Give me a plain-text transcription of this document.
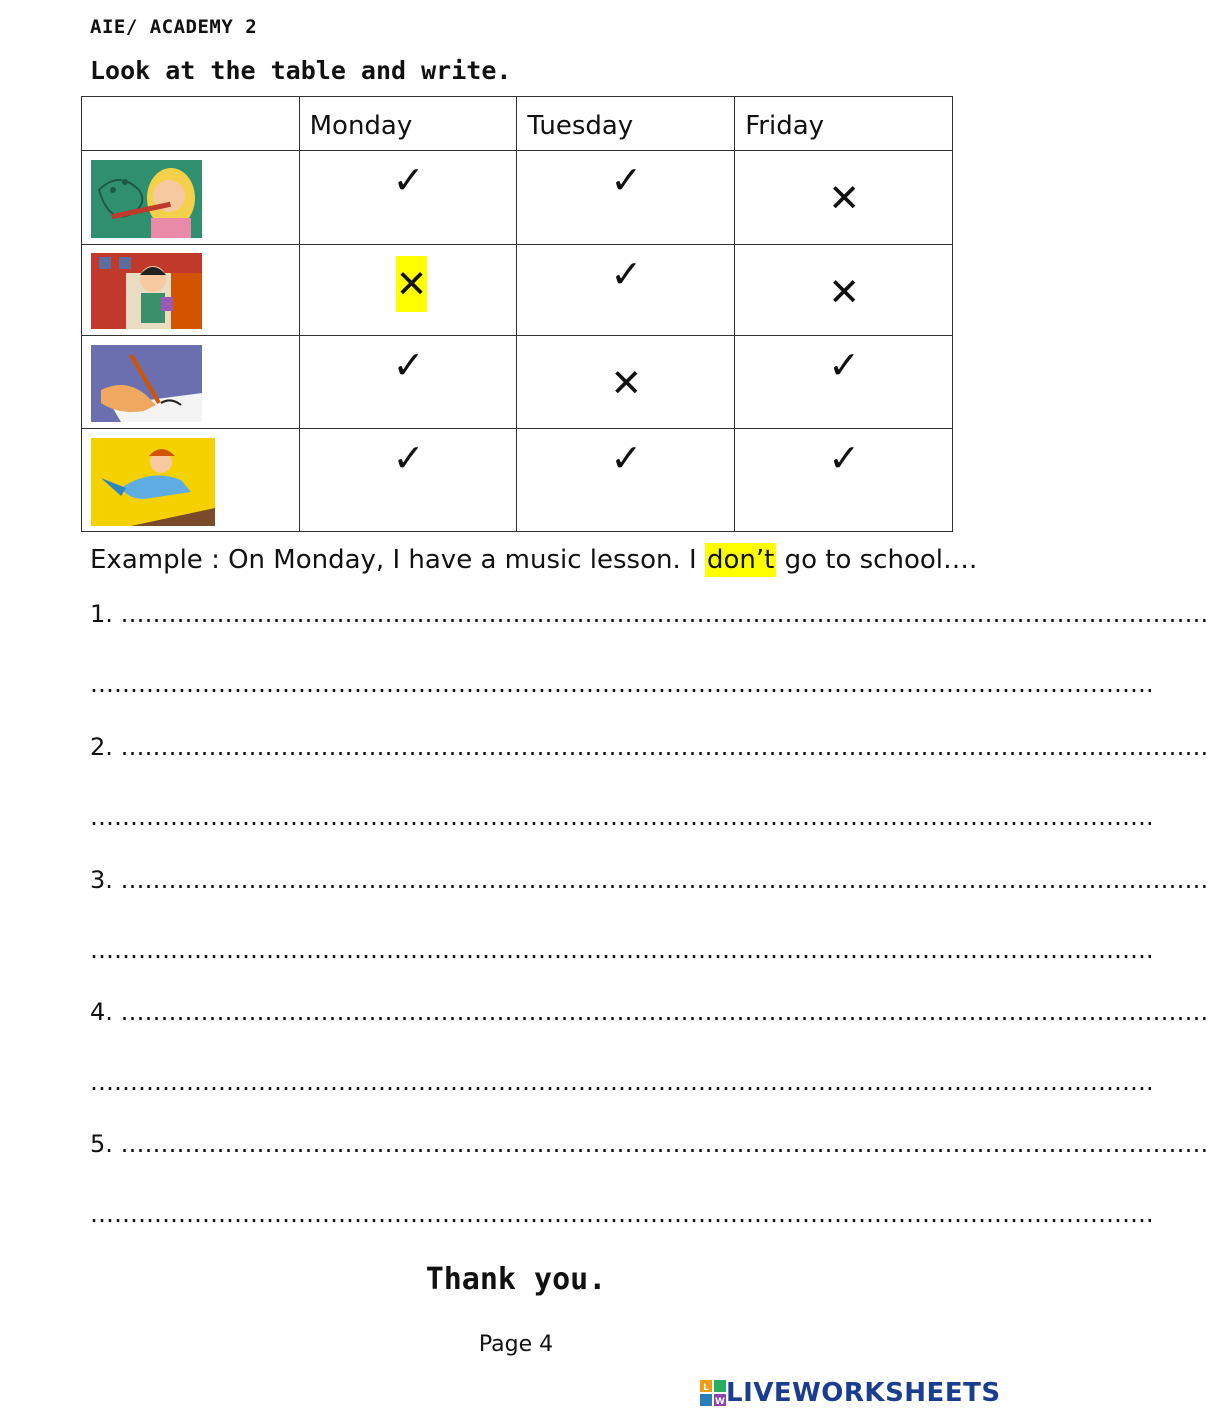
AIE/ ACADEMY 2
Look at the table and write.
	Monday	Tuesday	Friday

✓	✓	✕

✕	✓	✕

✓	✕	✓

✓	✓	✓
Example : On Monday, I have a music lesson. I don’t go to school….
1. ……………………………………………………………………………………………………………………….
…………………………………………………………………………………………………………………….
2. ……………………………………………………………………………………………………………………….
…………………………………………………………………………………………………………………….
3. ……………………………………………………………………………………………………………………….
…………………………………………………………………………………………………………………….
4. ……………………………………………………………………………………………………………………….
…………………………………………………………………………………………………………………….
5. ……………………………………………………………………………………………………………………….
…………………………………………………………………………………………………………………….
Thank you.
Page 4
L
W LIVEWORKSHEETS
